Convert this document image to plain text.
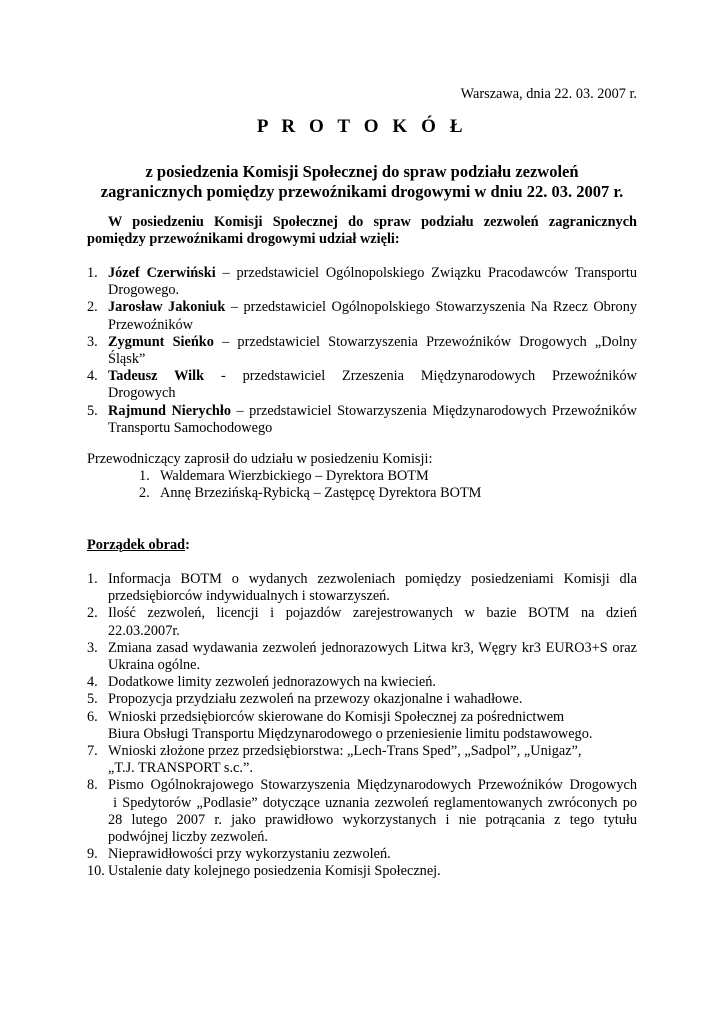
Warszawa, dnia 22. 03. 2007 r.
P R O T O K Ó Ł
z posiedzenia Komisji Społecznej do spraw podziału zezwoleń
zagranicznych pomiędzy przewoźnikami drogowymi w dniu 22. 03. 2007 r.
W posiedzeniu Komisji Społecznej do spraw podziału zezwoleń zagranicznych
pomiędzy przewoźnikami drogowymi udział wzięli:
1. Józef Czerwiński – przedstawiciel Ogólnopolskiego Związku Pracodawców Transportu
Drogowego.
2. Jarosław Jakoniuk – przedstawiciel Ogólnopolskiego Stowarzyszenia Na Rzecz Obrony
Przewoźników
3. Zygmunt Sieńko – przedstawiciel Stowarzyszenia Przewoźników Drogowych „Dolny
Śląsk”
4. Tadeusz Wilk - przedstawiciel Zrzeszenia Międzynarodowych Przewoźników
Drogowych
5. Rajmund Nierychło – przedstawiciel Stowarzyszenia Międzynarodowych Przewoźników
Transportu Samochodowego
Przewodniczący zaprosił do udziału w posiedzeniu Komisji:
1. Waldemara Wierzbickiego – Dyrektora BOTM
2. Annę Brzezińską-Rybicką – Zastępcę Dyrektora BOTM
Porządek obrad:
1. Informacja BOTM o wydanych zezwoleniach pomiędzy posiedzeniami Komisji dla
przedsiębiorców indywidualnych i stowarzyszeń.
2. Ilość zezwoleń, licencji i pojazdów zarejestrowanych w bazie BOTM na dzień
22.03.2007r.
3. Zmiana zasad wydawania zezwoleń jednorazowych Litwa kr3, Węgry kr3 EURO3+S oraz
Ukraina ogólne.
4. Dodatkowe limity zezwoleń jednorazowych na kwiecień.
5. Propozycja przydziału zezwoleń na przewozy okazjonalne i wahadłowe.
6. Wnioski przedsiębiorców skierowane do Komisji Społecznej za pośrednictwem
Biura Obsługi Transportu Międzynarodowego o przeniesienie limitu podstawowego.
7. Wnioski złożone przez przedsiębiorstwa: „Lech-Trans Sped”, „Sadpol”, „Unigaz”,
„T.J. TRANSPORT s.c.”.
8. Pismo Ogólnokrajowego Stowarzyszenia Międzynarodowych Przewoźników Drogowych
i Spedytorów „Podlasie” dotyczące uznania zezwoleń reglamentowanych zwróconych po
28 lutego 2007 r. jako prawidłowo wykorzystanych i nie potrącania z tego tytułu
podwójnej liczby zezwoleń.
9. Nieprawidłowości przy wykorzystaniu zezwoleń.
10. Ustalenie daty kolejnego posiedzenia Komisji Społecznej.
